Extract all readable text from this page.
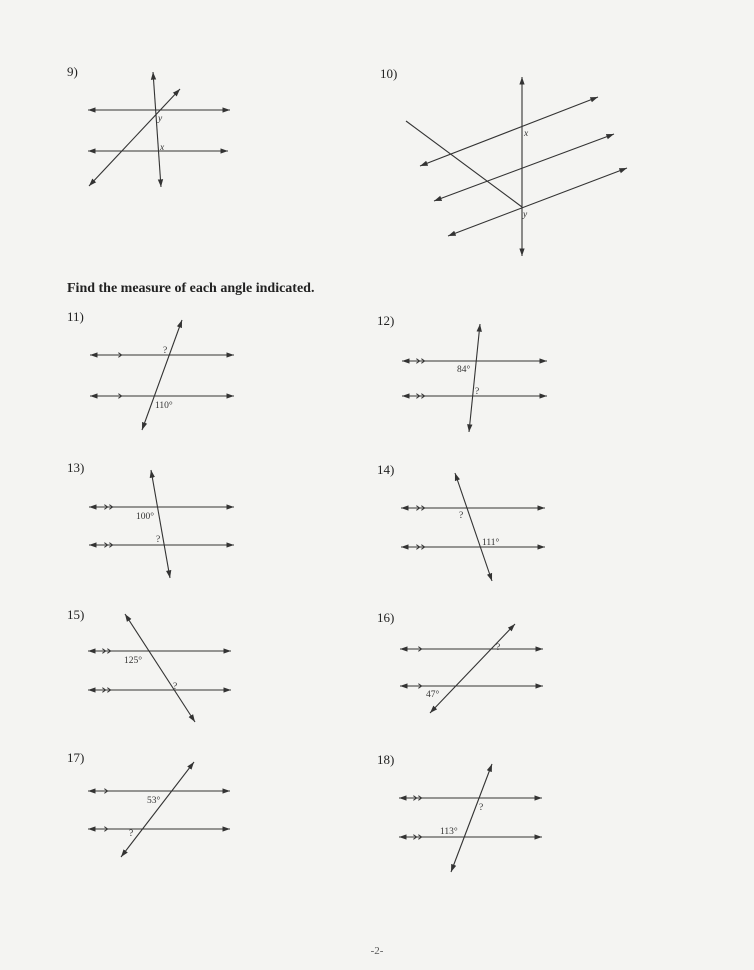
y
x
x
y
?
110°
84°
?
100°
?
?
111°
125°
?
?
47°
53°
?
?
113°
9)	10)
Find the measure of each angle indicated.
11)	12)
13)	14)
15)	16)
17)	18)
-2-
